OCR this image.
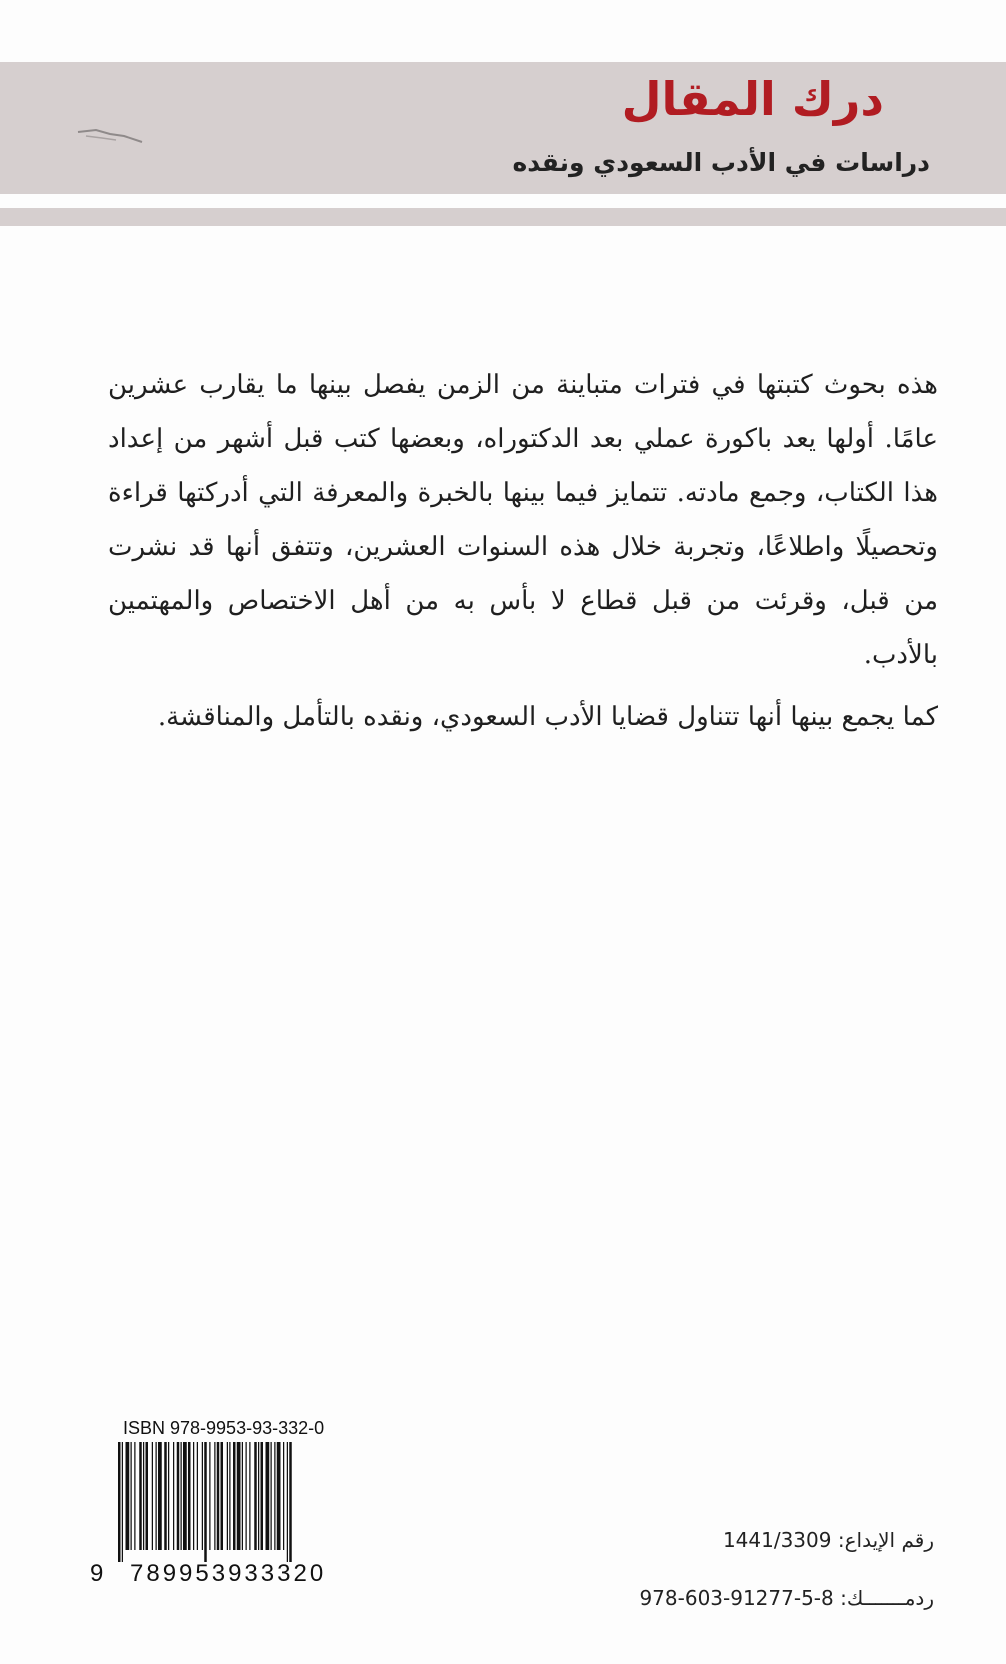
درك المقال
دراسات في الأدب السعودي ونقده

هذه بحوث كتبتها في فترات متباينة من الزمن يفصل بينها ما يقارب عشرين عامًا. أولها يعد باكورة عملي بعد الدكتوراه، وبعضها كتب قبل أشهر من إعداد هذا الكتاب، وجمع مادته. تتمايز فيما بينها بالخبرة والمعرفة التي أدركتها قراءة وتحصيلًا واطلاعًا، وتجربة خلال هذه السنوات العشرين، وتتفق أنها قد نشرت من قبل، وقرئت من قبل قطاع لا بأس به من أهل الاختصاص والمهتمين بالأدب.

كما يجمع بينها أنها تتناول قضايا الأدب السعودي، ونقده بالتأمل والمناقشة.

ISBN 978-9953-93-332-0
9 789953933320
رقم الإيداع: 1441/3309
ردمـــــــك: 978-603-91277-5-8
